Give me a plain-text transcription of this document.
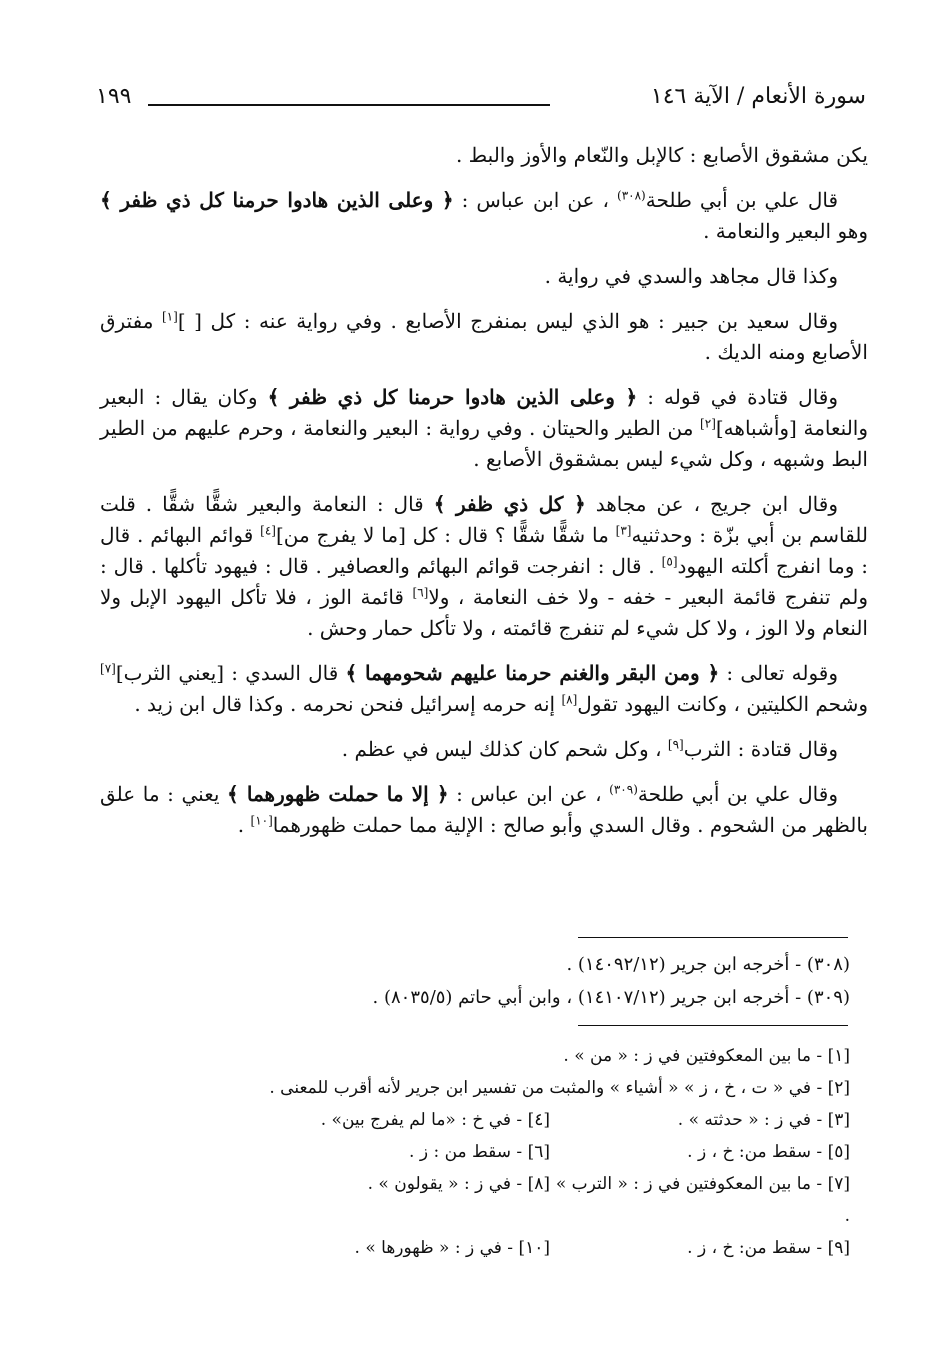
سورة الأنعام / الآية ١٤٦
١٩٩

يكن مشقوق الأصابع : كالإبل والنّعام والأوز والبط .

قال علي بن أبي طلحة$^{(٣٠٨)}$ ، عن ابن عباس : ﴿ وعلى الذين هادوا حرمنا كل ذي ظفر ﴾ وهو البعير والنعامة .

وكذا قال مجاهد والسدي في رواية .

وقال سعيد بن جبير : هو الذي ليس بمنفرج الأصابع . وفي رواية عنه : كل [ ][١] مفترق الأصابع ومنه الديك .

وقال قتادة في قوله : ﴿ وعلى الذين هادوا حرمنا كل ذي ظفر ﴾ وكان يقال : البعير والنعامة [وأشباهه][٢] من الطير والحيتان . وفي رواية : البعير والنعامة ، وحرم عليهم من الطير البط وشبهه ، وكل شيء ليس بمشقوق الأصابع .

وقال ابن جريج ، عن مجاهد ﴿ كل ذي ظفر ﴾ قال : النعامة والبعير شقًّا شقًّا . قلت للقاسم بن أبي بزّة : وحدثنيه[٣] ما شقًّا شقًّا ؟ قال : كل [ما لا يفرج من][٤] قوائم البهائم . قال : وما انفرج أكلته اليهود[٥] . قال : انفرجت قوائم البهائم والعصافير . قال : فيهود تأكلها . قال : ولم تنفرج قائمة البعير - خفه - ولا خف النعامة ، ولا[٦] قائمة الوز ، فلا تأكل اليهود الإبل ولا النعام ولا الوز ، ولا كل شيء لم تنفرج قائمته ، ولا تأكل حمار وحش .

وقوله تعالى : ﴿ ومن البقر والغنم حرمنا عليهم شحومهما ﴾ قال السدي : [يعني الثرب][٧] وشحم الكليتين ، وكانت اليهود تقول[٨] إنه حرمه إسرائيل فنحن نحرمه . وكذا قال ابن زيد .

وقال قتادة : الثرب[٩] ، وكل شحم كان كذلك ليس في عظم .

وقال علي بن أبي طلحة$^{(٣٠٩)}$ ، عن ابن عباس : ﴿ إلا ما حملت ظهورهما ﴾ يعني : ما علق بالظهر من الشحوم . وقال السدي وأبو صالح : الإلية مما حملت ظهورهما[١٠] .

(٣٠٨) - أخرجه ابن جرير (١٤٠٩٢/١٢) .

(٣٠٩) - أخرجه ابن جرير (١٤١٠٧/١٢) ، وابن أبي حاتم (٨٠٣٥/٥) .

[١] - ما بين المعكوفتين في ز : « من » .
[٢] - في « ت ، خ ، ز » « أشياء » والمثبت من تفسير ابن جرير لأنه أقرب للمعنى .
[٣] - في ز : « حدثته » .
[٤] - في خ : «ما لم يفرج بين» .
[٥] - سقط من: خ ، ز .
[٦] - سقط من : ز .
[٧] - ما بين المعكوفتين في ز : « الترب » .
[٨] - في ز : « يقولون » .
[٩] - سقط من: خ ، ز .
[١٠] - في ز : « ظهورها » .
